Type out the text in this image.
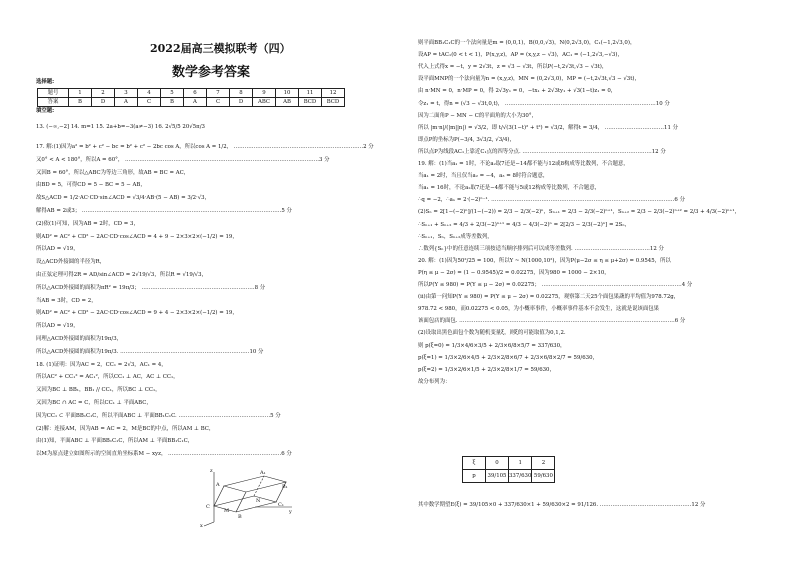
2022届高三模拟联考（四）
数学参考答案
选择题:
题号	1	2	3	4	5	6	7	8	9	10	11	12
答案	B	D	A	C	B	A	C	D	ABC	AB	BCD	BCD
填空题:
13. (−∞,−2] 14. m=1 15. 2a+b=−3(a≠−3) 16. 2√5/5 20√5π/3
17. 解:(1)因为a² = b² + c² − bc = b² + c² − 2bc cos A，所以cos A = 1/2， ………………………………………………………………2 分
又0° < A < 180°，所以A = 60°， ………………………………………………………………………………………………3 分
又因B = 60°，所以△ABC为等边三角形，故AB = BC = AC，
由BD = 5，可得CD = 5 − BC = 5 − AB，
故S△ACD = 1/2·AC·CD·sin∠ACD = √3/4·AB·(5 − AB) = 3/2·√3，
解得AB = 2或3； …………………………………………………………………………………………………5 分
(2)依(1)可知，因为AB = 2时，CD = 3，
则AD² = AC² + CD² − 2AC·CD·cos∠ACD = 4 + 9 − 2×3×2×(−1/2) = 19，
所以AD = √19，
设△ACD外接圆的半径为R，
由正弦定理可得2R = AD/sin∠ACD = 2√19/√3，所以R = √19/√3，
所以△ACD外接圆的面积为πR² = 19π/3； ………………………………………………………8 分
当AB = 3时，CD = 2，
则AD² = AC² + CD² − 2AC·CD·cos∠ACD = 9 + 4 − 2×3×2×(−1/2) = 19，
所以AD = √19，
同理△ACD外接圆的面积为19π/3，
所以△ACD外接圆的面积为19π/3. ………………………………………………………………10 分
18. (1)证明：因为AC = 2，CC₁ = 2√3，AC₁ = 4，
所以AC² + CC₁² = AC₁²，所以CC₁ ⊥ AC，AC ⊥ CC₁，
又因为BC ⊥ BB₁，BB₁ // CC₁，所以BC ⊥ CC₁，
又因为BC ∩ AC = C，所以CC₁ ⊥ 平面ABC，
因为CC₁ ⊂ 平面BB₁C₁C，所以平面ABC ⊥ 平面BB₁C₁C. ……………………………………………5 分
(2)解：连接AM，因为AB = AC = 2，M是BC的中点，所以AM ⊥ BC，
由(1)知，平面ABC ⊥ 平面BB₁C₁C，所以AM ⊥ 平面BB₁C₁C，
以M为原点建立如图所示的空间直角坐标系M − xyz， ………………………………………………………6 分
则平面BB₁C₁C的一个法向量是m = (0,0,1)，B(0,0,√3)，N(0,2√3,0)，C₁(−1,2√3,0)，
设AP = tAC₁(0 < t < 1)，P(x,y,z)，AP = (x,y,z − √3)，AC₁ = (−1,2√3,−√3)，
代入上式得x = −t，y = 2√3t，z = √3 − √3t，所以P(−t,2√3t,√3 − √3t)，
设平面MNP的一个法向量为n = (x,y,z)，MN = (0,2√3,0)，MP = (−t,2√3t,√3 − √3t)，
由 n·MN = 0，n·MP = 0，得 2√3y₁ = 0，−tx₁ + 2√3ty₁ + √3(1−t)z₁ = 0，
令z₁ = t，得n = (√3 − √3t,0,t)， …………………………………………………………………………10 分
因为二面角P − MN − C的平面角的大小为30°，
所以 |m·n|/(|m||n|) = √3/2，即 t/√(3(1−t)² + t²) = √3/2，解得t = 3/4， ……………………………11 分
即点P的坐标为P(−3/4, 3√3/2, √3/4)，
所以点P为线段AC₁上靠近C₁点的四等分点. ………………………………………………………………12 分
19. 解：(1)当a₁ = 1时，不论a₂取7还是−14都不能与12或8构成等比数列，不合题意，
当a₁ = 2时，当且仅当a₂ = −4，a₃ = 8时符合题意，
当a₁ = 16时，不论a₂取7还是−4都不能与5或12构成等比数列，不合题意，
∴q = −2，∴aₙ = 2·(−2)ⁿ⁻¹. …………………………………………………………………………………………6 分
(2)Sₙ = 2[1−(−2)ⁿ]/(1−(−2)) = 2/3 − 2/3(−2)ⁿ，Sₙ₊₁ = 2/3 − 2/3(−2)ⁿ⁺¹，Sₙ₊₂ = 2/3 − 2/3(−2)ⁿ⁺² = 2/3 + 4/3(−2)ⁿ⁺¹，
∴Sₙ₊₁ + Sₙ₊₂ = 4/3 + 2/3(−2)ⁿ⁺¹ = 4/3 − 4/3(−2)ⁿ = 2[2/3 − 2/3(−2)ⁿ] = 2Sₙ，
∴Sₙ₊₁，Sₙ，Sₙ₊₂成等差数列，
∴数列{Sₙ}中的任意连续三项按适当顺序排列后可以成等差数列. ……………………………………12 分
20. 解：(1)因为50²/25 = 100，所以Y ~ N(1000,10²)，因为P(μ−2σ ≤ η ≤ μ+2σ) = 0.9545，所以
P(η ≤ μ − 2σ) = (1 − 0.9545)/2 = 0.02275，因为980 = 1000 − 2×10，
所以P(Y ≤ 980) = P(Y ≤ μ − 2σ) = 0.02275； ……………………………………………………………………4 分
(ii)由第一问知P(Y ≤ 980) = P(Y ≤ μ − 2σ) = 0.02275，观察第二天25个面包果蔬的平均值为978.72g，
978.72 < 980，而0.02275 < 0.05，为小概率事件，小概率事件基本不会发生，这就是说该面包果
该面包店的面包. …………………………………………………………………………………………………………6 分
(2)设取出黑色面包个数为随机变量ξ，则ξ的可能取值为0,1,2.
则 p(ξ=0) = 1/3×4/6×3/5 + 2/3×6/8×5/7 = 337/630，
p(ξ=1) = 1/3×2/6×4/5 + 2/3×2/8×6/7 + 2/3×6/8×2/7 = 59/630，
p(ξ=2) = 1/3×2/6×1/5 + 2/3×2/8×1/7 = 59/630，
故分布列为：
z	A₁
A	B₁
B
C	C₁
N
M	y
x
ξ	0	1	2
p	39/105	337/630	59/630
其中数学期望E(ξ) = 39/105×0 + 337/630×1 + 59/630×2 = 91/126. ……………………………………………12 分
